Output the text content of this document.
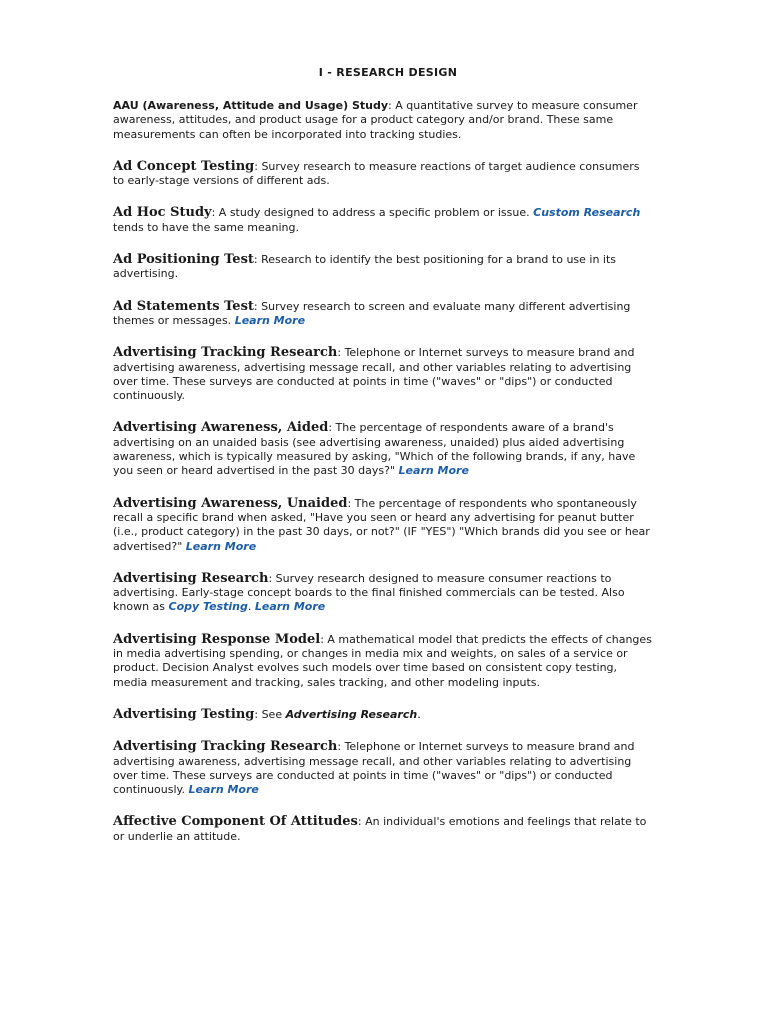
I - RESEARCH DESIGN

AAU (Awareness, Attitude and Usage) Study: A quantitative survey to measure consumer awareness, attitudes, and product usage for a product category and/or brand. These same measurements can often be incorporated into tracking studies.

Ad Concept Testing: Survey research to measure reactions of target audience consumers to early-stage versions of different ads.

Ad Hoc Study: A study designed to address a specific problem or issue. Custom Research tends to have the same meaning.

Ad Positioning Test: Research to identify the best positioning for a brand to use in its advertising.

Ad Statements Test: Survey research to screen and evaluate many different advertising themes or messages. Learn More

Advertising Tracking Research: Telephone or Internet surveys to measure brand and advertising awareness, advertising message recall, and other variables relating to advertising over time. These surveys are conducted at points in time ("waves" or "dips") or conducted continuously.

Advertising Awareness, Aided: The percentage of respondents aware of a brand's advertising on an unaided basis (see advertising awareness, unaided) plus aided advertising awareness, which is typically measured by asking, "Which of the following brands, if any, have you seen or heard advertised in the past 30 days?" Learn More

Advertising Awareness, Unaided: The percentage of respondents who spontaneously recall a specific brand when asked, "Have you seen or heard any advertising for peanut butter (i.e., product category) in the past 30 days, or not?" (IF "YES") "Which brands did you see or hear advertised?" Learn More

Advertising Research: Survey research designed to measure consumer reactions to advertising. Early-stage concept boards to the final finished commercials can be tested. Also known as Copy Testing. Learn More

Advertising Response Model: A mathematical model that predicts the effects of changes in media advertising spending, or changes in media mix and weights, on sales of a service or product. Decision Analyst evolves such models over time based on consistent copy testing, media measurement and tracking, sales tracking, and other modeling inputs.

Advertising Testing: See Advertising Research.

Advertising Tracking Research: Telephone or Internet surveys to measure brand and advertising awareness, advertising message recall, and other variables relating to advertising over time. These surveys are conducted at points in time ("waves" or "dips") or conducted continuously. Learn More

Affective Component Of Attitudes: An individual's emotions and feelings that relate to or underlie an attitude.
